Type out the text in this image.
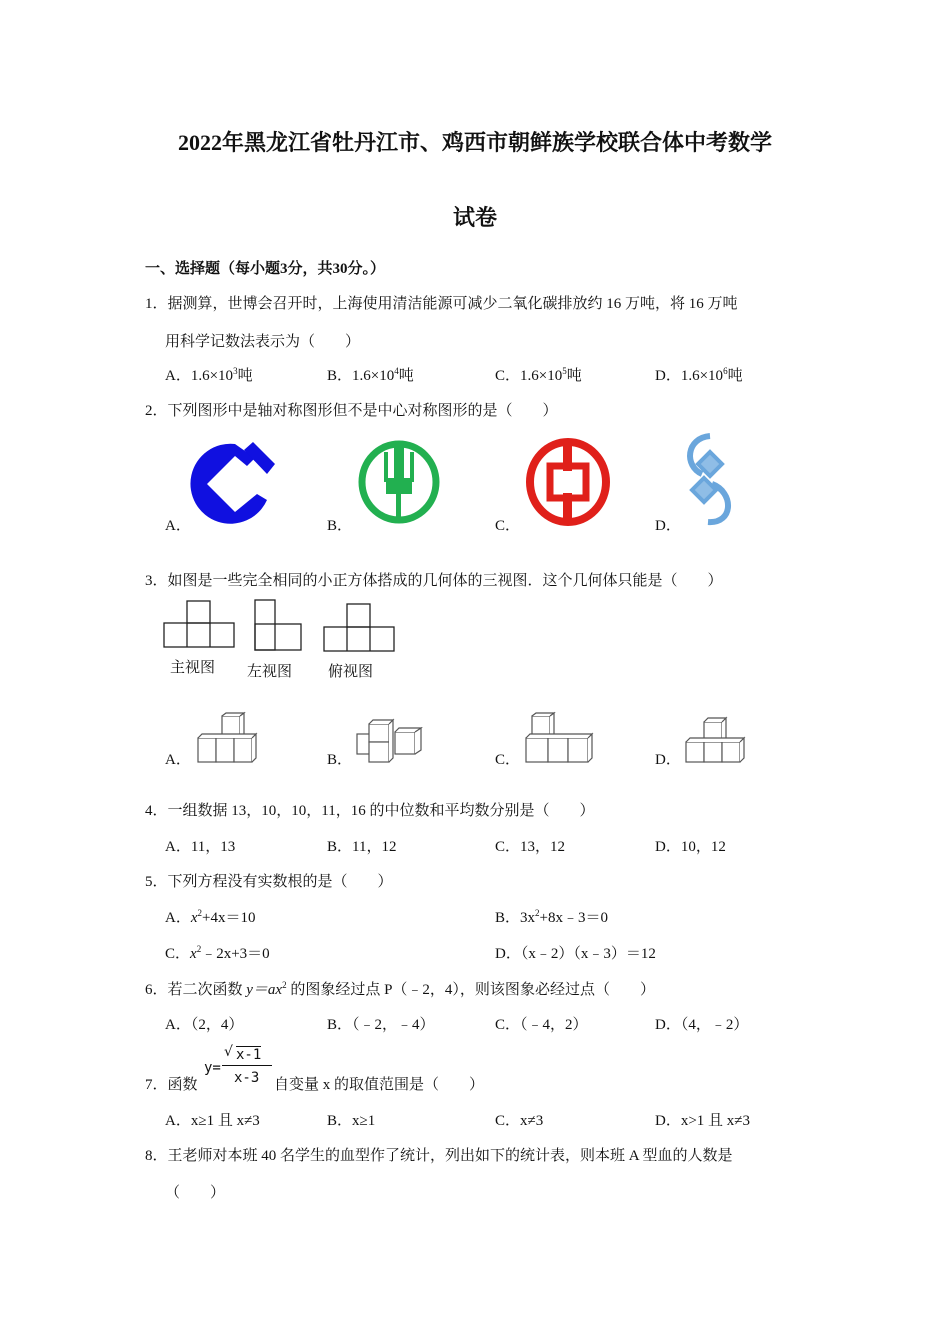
2022年黑龙江省牡丹江市、鸡西市朝鲜族学校联合体中考数学
试卷
一、选择题（每小题3分，共30分。）
1．据测算，世博会召开时，上海使用清洁能源可减少二氧化碳排放约 16 万吨，将 16 万吨
用科学记数法表示为（　　）
A．$1.6\times 10^3$吨	B．$1.6\times 10^4$吨	C．$1.6\times 10^5$吨	D．$1.6\times 10^6$吨
2．下列图形中是轴对称图形但不是中心对称图形的是（　　）
A．	B．	C．	D．
3．如图是一些完全相同的小正方体搭成的几何体的三视图．这个几何体只能是（　　）
主视图 左视图 俯视图
A．	B．	C．	D．
4．一组数据 13，10，10，11，16 的中位数和平均数分别是（　　）
A．11，13	B．11，12	C．13，12	D．10，12
5．下列方程没有实数根的是（　　）
A．$x^2+4x=10$	B．$3x^2+8x﹣3=0$
C．$x^2﹣2x+3=0$	D．（x﹣2）（x﹣3）＝12
6．若二次函数 $y=ax^2$ 的图象经过点 P（﹣2，4），则该图象必经过点（　　）
A．（2，4）	B．（﹣2，﹣4）	C．（﹣4，2）	D．（4，﹣2）
7．函数
y=
√ x-1
x-3 自变量 x 的取值范围是（　　）
A．x≥1 且 x≠3	B．x≥1	C．x≠3	D．x>1 且 x≠3
8．王老师对本班 40 名学生的血型作了统计，列出如下的统计表，则本班 A 型血的人数是
（　　）
